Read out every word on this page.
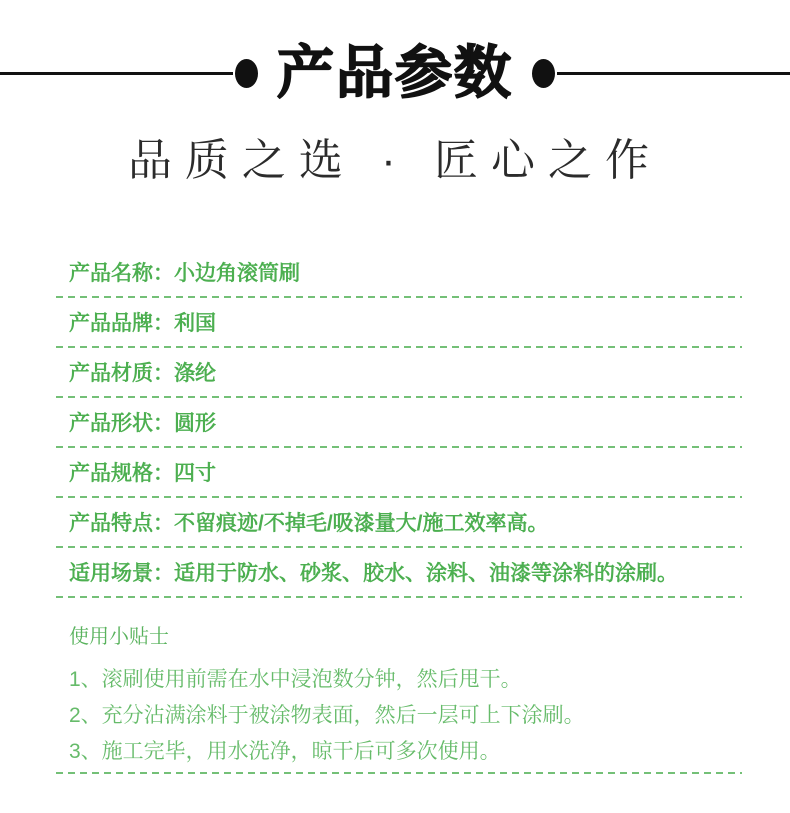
产品参数
品质之选 · 匠心之作
产品名称： 小边角滚筒刷
产品品牌： 利国
产品材质： 涤纶
产品形状： 圆形
产品规格： 四寸
产品特点： 不留痕迹/不掉毛/吸漆量大/施工效率高。
适用场景： 适用于防水、砂浆、胶水、涂料、油漆等涂料的涂刷。
使用小贴士
1、滚刷使用前需在水中浸泡数分钟，然后甩干。
2、充分沾满涂料于被涂物表面，然后一层可上下涂刷。
3、施工完毕，用水洗净，晾干后可多次使用。
